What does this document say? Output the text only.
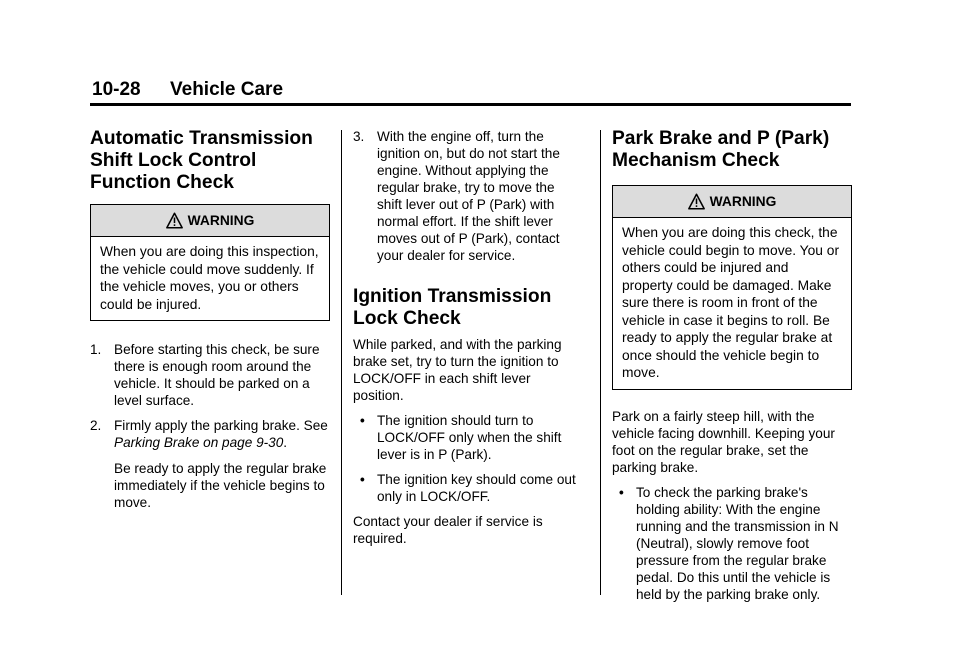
10-28 Vehicle Care
Automatic Transmission Shift Lock Control Function Check
WARNING
When you are doing this inspection, the vehicle could move suddenly. If the vehicle moves, you or others could be injured.
1. Before starting this check, be sure there is enough room around the vehicle. It should be parked on a level surface.
2. Firmly apply the parking brake. See Parking Brake on page 9-30.
Be ready to apply the regular brake immediately if the vehicle begins to move.
3. With the engine off, turn the ignition on, but do not start the engine. Without applying the regular brake, try to move the shift lever out of P (Park) with normal effort. If the shift lever moves out of P (Park), contact your dealer for service.
Ignition Transmission Lock Check

While parked, and with the parking brake set, try to turn the ignition to LOCK/OFF in each shift lever position.

• The ignition should turn to LOCK/OFF only when the shift lever is in P (Park).
• The ignition key should come out only in LOCK/OFF.

Contact your dealer if service is required.

Park Brake and P (Park) Mechanism Check
WARNING
When you are doing this check, the vehicle could begin to move. You or others could be injured and property could be damaged. Make sure there is room in front of the vehicle in case it begins to roll. Be ready to apply the regular brake at once should the vehicle begin to move.

Park on a fairly steep hill, with the vehicle facing downhill. Keeping your foot on the regular brake, set the parking brake.

• To check the parking brake's holding ability: With the engine running and the transmission in N (Neutral), slowly remove foot pressure from the regular brake pedal. Do this until the vehicle is held by the parking brake only.
